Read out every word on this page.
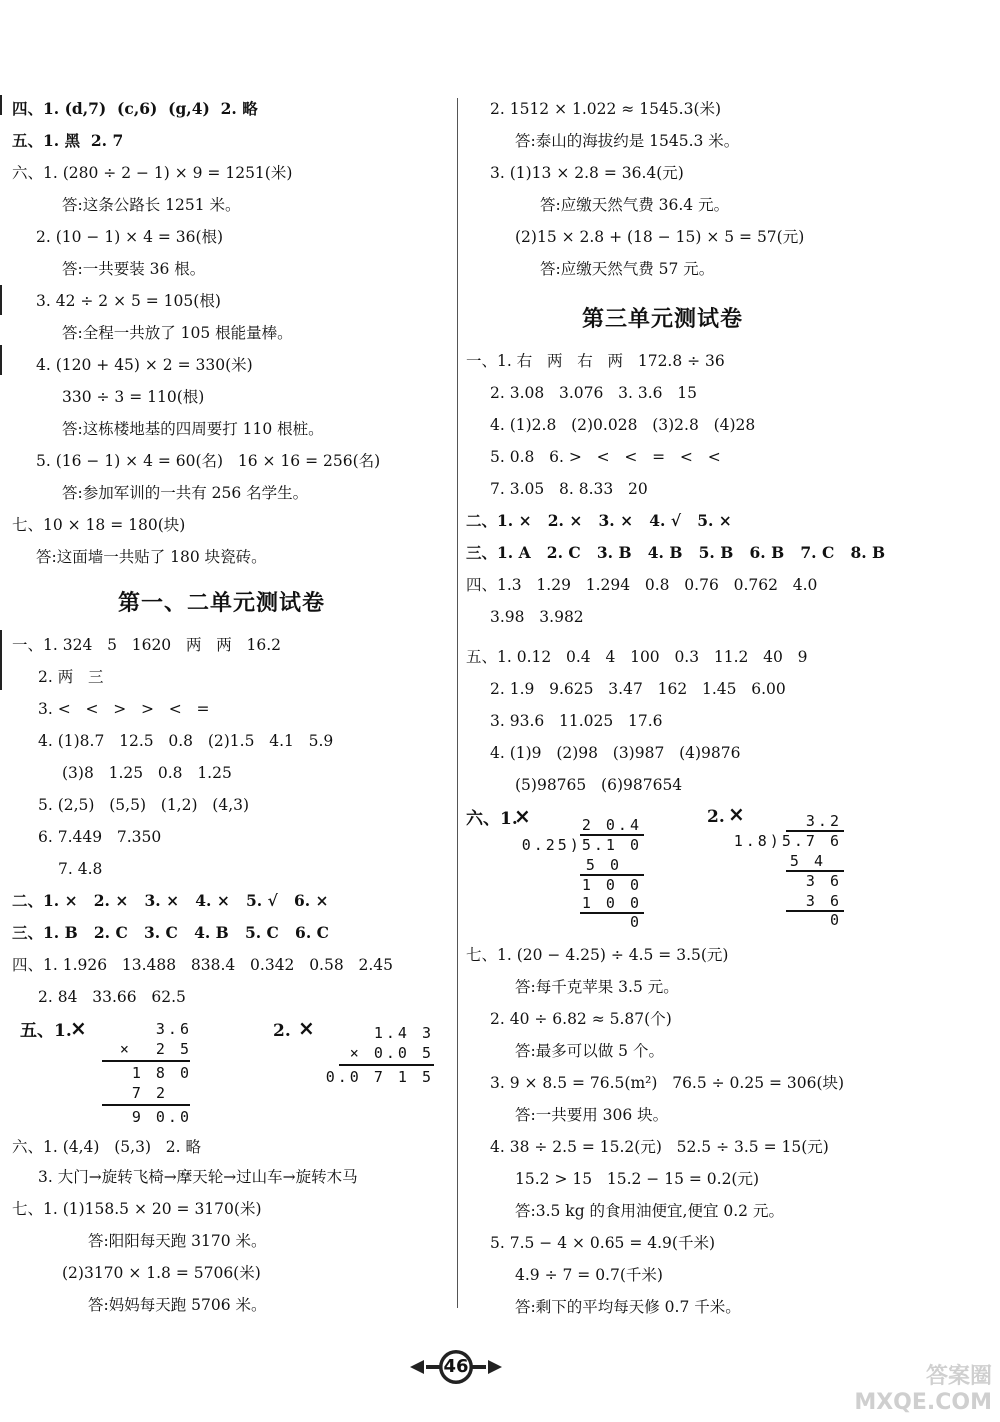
四、1. (d,7)  (c,6)  (g,4)  2. 略
五、1. 黑  2. 7
六、1. (280 ÷ 2 − 1) × 9 = 1251(米)
答:这条公路长 1251 米。
2. (10 − 1) × 4 = 36(根)
答:一共要装 36 根。
3. 42 ÷ 2 × 5 = 105(根)
答:全程一共放了 105 根能量棒。
4. (120 + 45) × 2 = 330(米)
330 ÷ 3 = 110(根)
答:这栋楼地基的四周要打 110 根桩。
5. (16 − 1) × 4 = 60(名)   16 × 16 = 256(名)
答:参加军训的一共有 256 名学生。
七、10 × 18 = 180(块)
答:这面墙一共贴了 180 块瓷砖。
第一、二单元测试卷
一、1. 324   5   1620   两   两   16.2
2. 两   三
3. <   <   >   >   <   =
4. (1)8.7   12.5   0.8   (2)1.5   4.1   5.9
(3)8   1.25   0.8   1.25
5. (2,5)   (5,5)   (1,2)   (4,3)
6. 7.449   7.350
7. 4.8
二、1. ×   2. ×   3. ×   4. ×   5. √   6. ×
三、1. B   2. C   3. C   4. B   5. C   6. C
四、1. 1.926   13.488   838.4   0.342   0.58   2.45
2. 84   33.66   62.5
五、1.
×	3.6
×  2 5
1 8 0
7 2
9 0.0
2. ×	1.4 3
× 0.0 5
0.0 7 1 5
六、1. (4,4)   (5,3)   2. 略
3. 大门→旋转飞椅→摩天轮→过山车→旋转木马
七、1. (1)158.5 × 20 = 3170(米)
答:阳阳每天跑 3170 米。
(2)3170 × 1.8 = 5706(米)
答:妈妈每天跑 5706 米。
2. 1512 × 1.022 ≈ 1545.3(米)
答:泰山的海拔约是 1545.3 米。
3. (1)13 × 2.8 = 36.4(元)
答:应缴天然气费 36.4 元。
(2)15 × 2.8 + (18 − 15) × 5 = 57(元)
答:应缴天然气费 57 元。
第三单元测试卷
一、1. 右   两   右   两   172.8 ÷ 36
2. 3.08   3.076   3. 3.6   15
4. (1)2.8   (2)0.028   (3)2.8   (4)28
5. 0.8   6. >   <   <   =   <   <
7. 3.05   8. 8.33   20
二、1. ×   2. ×   3. ×   4. √   5. ×
三、1. A   2. C   3. B   4. B   5. B   6. B   7. C   8. B
四、1.3   1.29   1.294   0.8   0.76   0.762   4.0
3.98   3.982
五、1. 0.12   0.4   4   100   0.3   11.2   40   9
2. 1.9   9.625   3.47   162   1.45   6.00
3. 93.6   11.025   17.6
4. (1)9   (2)98   (3)987   (4)9876
(5)98765   (6)987654
六、1.
×	2 0.4
0.25)5.1 0
5 0
1 0 0
1 0 0
0
2. ×	3.2
1.8)5.7 6
5 4
3 6
3 6
0
七、1. (20 − 4.25) ÷ 4.5 = 3.5(元)
答:每千克苹果 3.5 元。
2. 40 ÷ 6.82 ≈ 5.87(个)
答:最多可以做 5 个。
3. 9 × 8.5 = 76.5(m²)   76.5 ÷ 0.25 = 306(块)
答:一共要用 306 块。
4. 38 ÷ 2.5 = 15.2(元)   52.5 ÷ 3.5 = 15(元)
15.2 > 15   15.2 − 15 = 0.2(元)
答:3.5 kg 的食用油便宜,便宜 0.2 元。
5. 7.5 − 4 × 0.65 = 4.9(千米)
4.9 ÷ 7 = 0.7(千米)
答:剩下的平均每天修 0.7 千米。
46	答案圈 MXQE.COM
